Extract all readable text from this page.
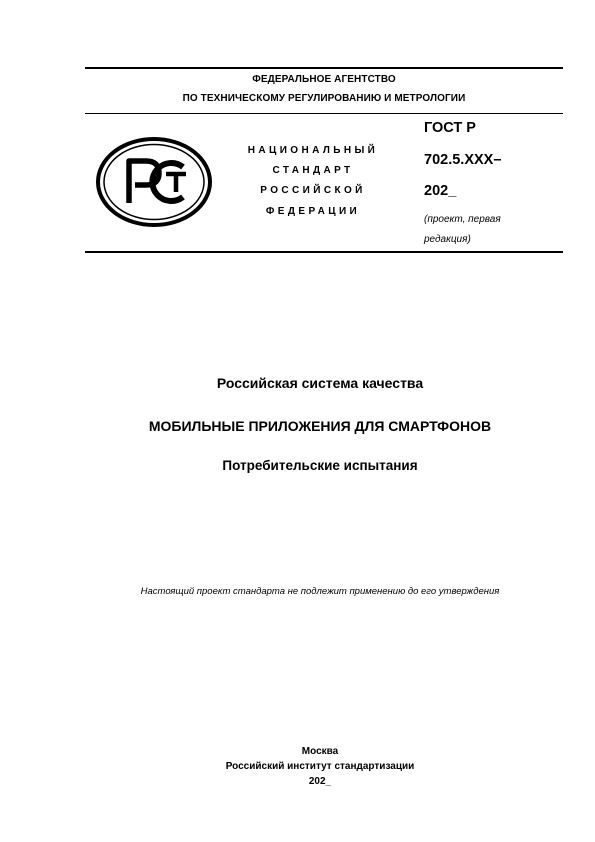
ФЕДЕРАЛЬНОЕ АГЕНТСТВО
ПО ТЕХНИЧЕСКОМУ РЕГУЛИРОВАНИЮ И МЕТРОЛОГИИ
НАЦИОНАЛЬНЫЙ
СТАНДАРТ
РОССИЙСКОЙ
ФЕДЕРАЦИИ
ГОСТ Р
702.5.XXX–
202_
(проект, первая
редакция)
Российская система качества
МОБИЛЬНЫЕ ПРИЛОЖЕНИЯ ДЛЯ СМАРТФОНОВ
Потребительские испытания
Настоящий проект стандарта не подлежит применению до его утверждения
Москва
Российский институт стандартизации
202_
